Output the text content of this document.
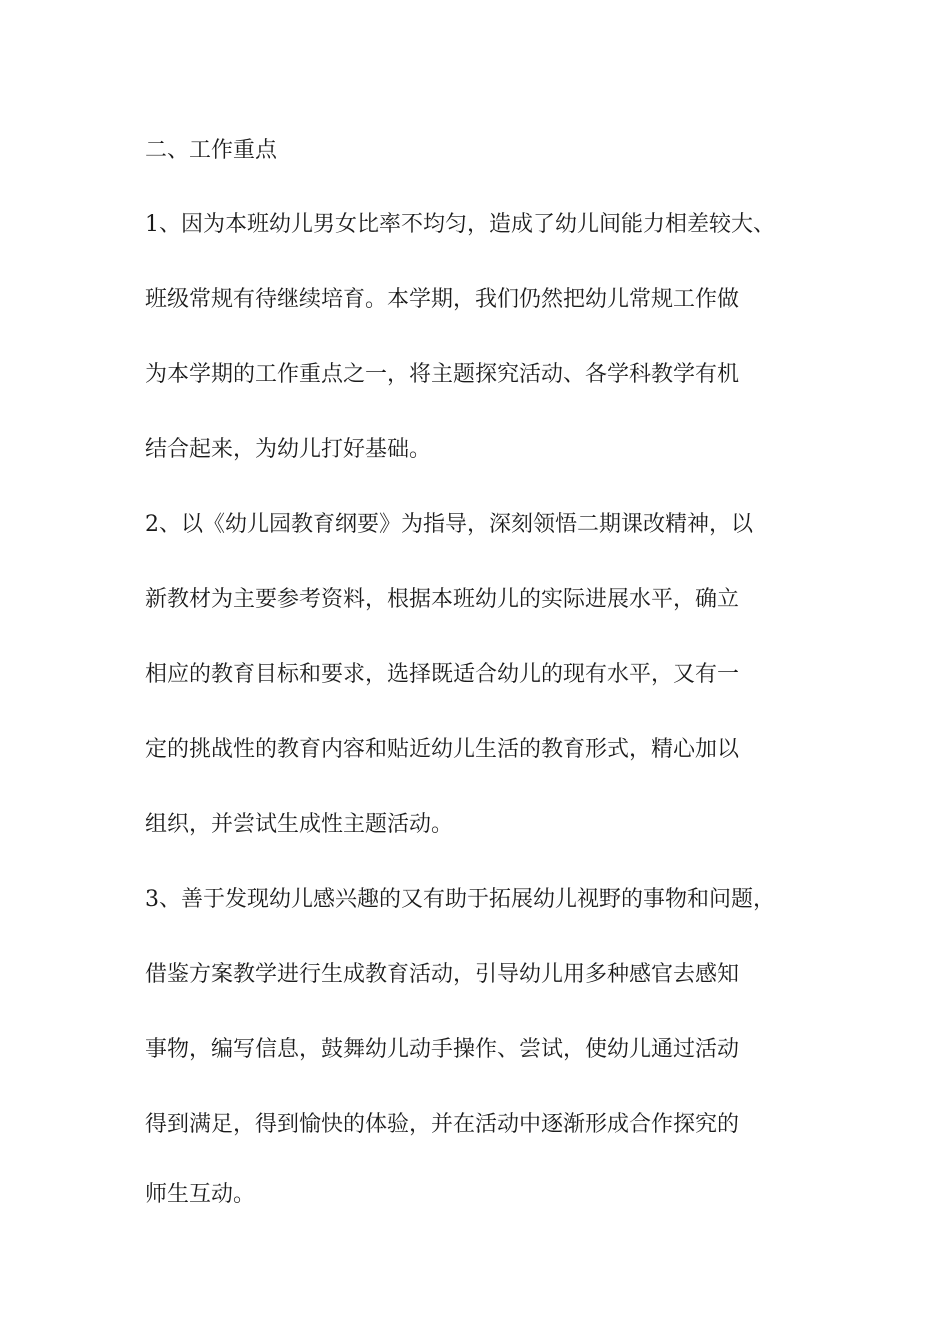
二、工作重点
1、因为本班幼儿男女比率不均匀，造成了幼儿间能力相差较大、
班级常规有待继续培育。本学期，我们仍然把幼儿常规工作做
为本学期的工作重点之一，将主题探究活动、各学科教学有机
结合起来，为幼儿打好基础。
2、以《幼儿园教育纲要》为指导，深刻领悟二期课改精神，以
新教材为主要参考资料，根据本班幼儿的实际进展水平，确立
相应的教育目标和要求，选择既适合幼儿的现有水平，又有一
定的挑战性的教育内容和贴近幼儿生活的教育形式，精心加以
组织，并尝试生成性主题活动。
3、善于发现幼儿感兴趣的又有助于拓展幼儿视野的事物和问题，
借鉴方案教学进行生成教育活动，引导幼儿用多种感官去感知
事物，编写信息，鼓舞幼儿动手操作、尝试，使幼儿通过活动
得到满足，得到愉快的体验，并在活动中逐渐形成合作探究的
师生互动。
